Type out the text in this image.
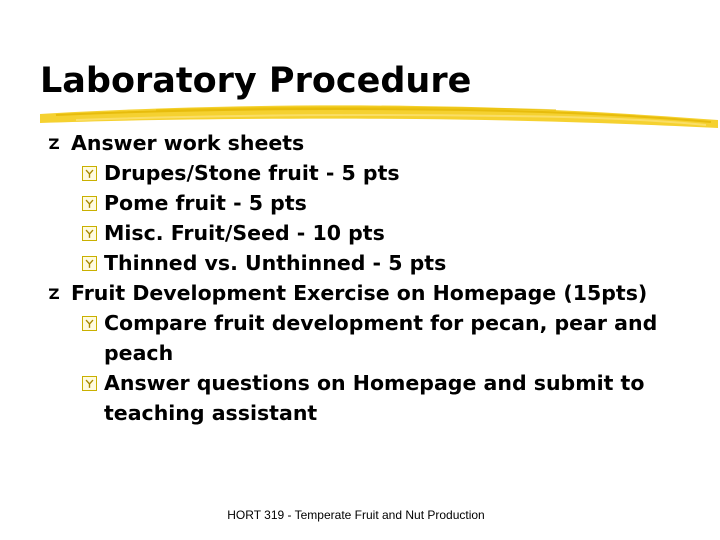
Laboratory Procedure
Answer work sheets
Drupes/Stone fruit - 5 pts
Pome fruit - 5 pts
Misc. Fruit/Seed - 10 pts
Thinned vs. Unthinned - 5 pts
Fruit Development Exercise on Homepage (15pts)
Compare fruit development for pecan, pear and peach
Answer questions on Homepage and submit to teaching assistant
HORT 319 - Temperate Fruit and Nut Production
